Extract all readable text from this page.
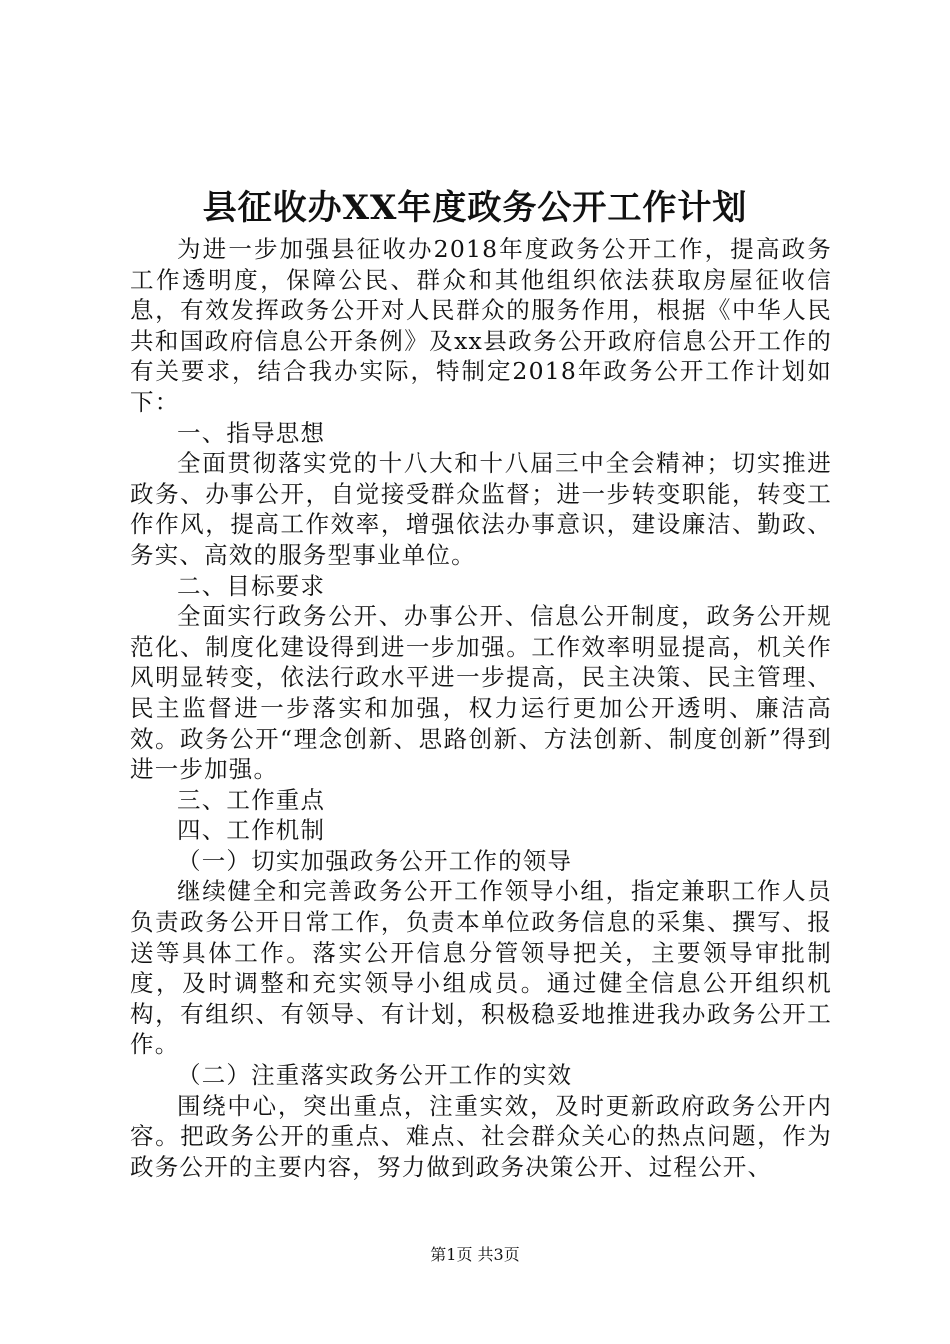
县征收办XX年度政务公开工作计划

为进一步加强县征收办2018年度政务公开工作，提高政务工作透明度，保障公民、群众和其他组织依法获取房屋征收信息，有效发挥政务公开对人民群众的服务作用，根据《中华人民共和国政府信息公开条例》及xx县政务公开政府信息公开工作的有关要求，结合我办实际，特制定2018年政务公开工作计划如下：

一、指导思想

全面贯彻落实党的十八大和十八届三中全会精神；切实推进政务、办事公开，自觉接受群众监督；进一步转变职能，转变工作作风，提高工作效率，增强依法办事意识，建设廉洁、勤政、务实、高效的服务型事业单位。

二、目标要求

全面实行政务公开、办事公开、信息公开制度，政务公开规范化、制度化建设得到进一步加强。工作效率明显提高，机关作风明显转变，依法行政水平进一步提高，民主决策、民主管理、民主监督进一步落实和加强，权力运行更加公开透明、廉洁高效。政务公开“理念创新、思路创新、方法创新、制度创新”得到进一步加强。

三、工作重点

四、工作机制

（一）切实加强政务公开工作的领导

继续健全和完善政务公开工作领导小组，指定兼职工作人员负责政务公开日常工作，负责本单位政务信息的采集、撰写、报送等具体工作。落实公开信息分管领导把关，主要领导审批制度，及时调整和充实领导小组成员。通过健全信息公开组织机构，有组织、有领导、有计划，积极稳妥地推进我办政务公开工作。

（二）注重落实政务公开工作的实效

围绕中心，突出重点，注重实效，及时更新政府政务公开内容。把政务公开的重点、难点、社会群众关心的热点问题，作为政务公开的主要内容，努力做到政务决策公开、过程公开、

第1页 共3页
